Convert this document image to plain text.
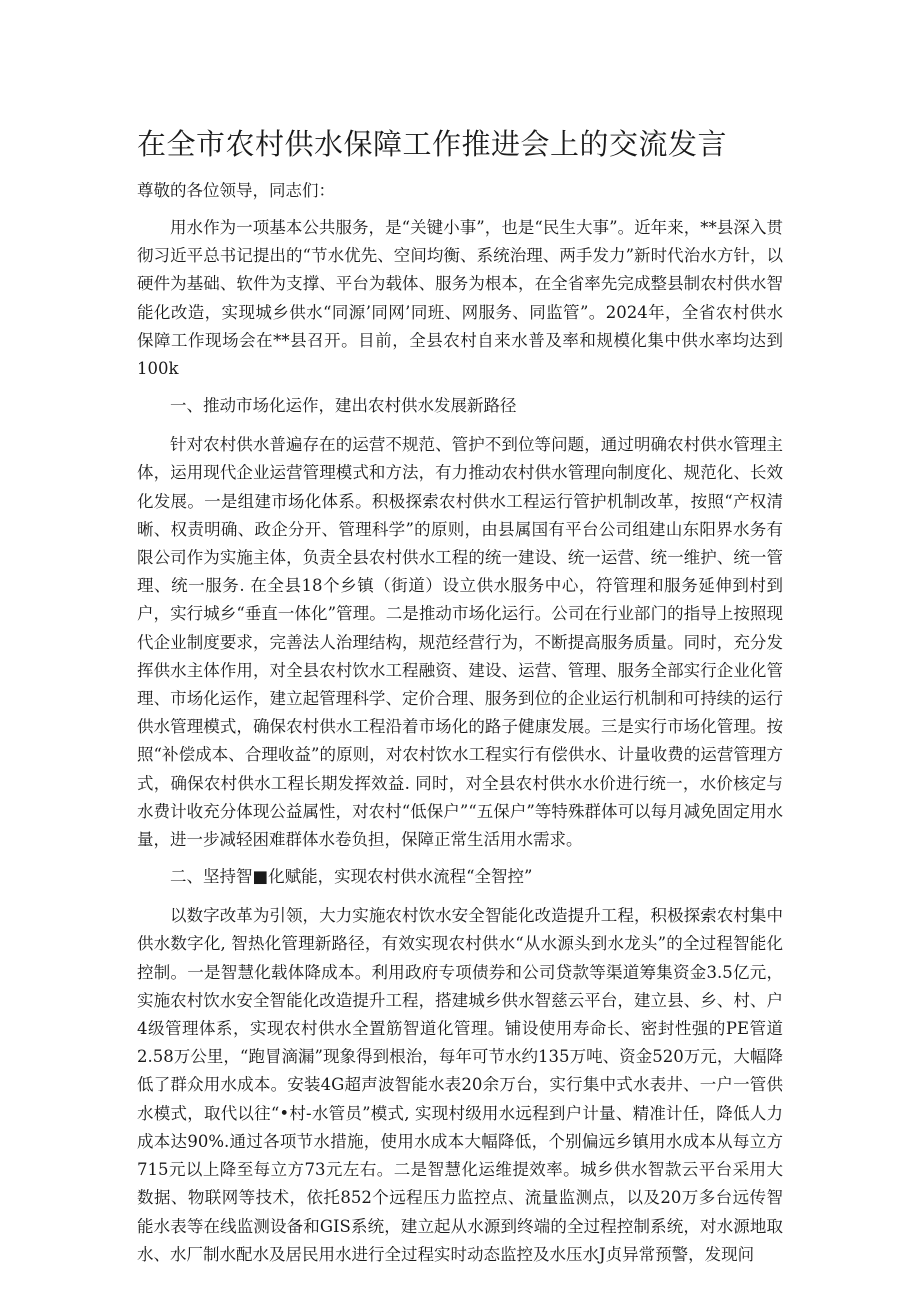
在全市农村供水保障工作推进会上的交流发言

尊敬的各位领导，同志们：

用水作为一项基本公共服务，是“关键小事”，也是“民生大事”。近年来，**县深入贯彻习近平总书记提出的“节水优先、空间均衡、系统治理、两手发力”新时代治水方针，以硬件为基础、软件为支撑、平台为载体、服务为根本，在全省率先完成整县制农村供水智能化改造，实现城乡供水“同源’同网’同班、网服务、同监管”。2024年，全省农村供水保障工作现场会在**县召开。目前，全县农村自来水普及率和规模化集中供水率均达到100k

一、推动市场化运作，建出农村供水发展新路径

针对农村供水普遍存在的运营不规范、管护不到位等问题，通过明确农村供水管理主体，运用现代企业运营管理模式和方法，有力推动农村供水管理向制度化、规范化、长效化发展。一是组建市场化体系。积极探索农村供水工程运行管护机制改革，按照“产权清晰、权责明确、政企分开、管理科学”的原则，由县属国有平台公司组建山东阳界水务有限公司作为实施主体，负责全县农村供水工程的统一建设、统一运营、统一维护、统一管理、统一服务. 在全县18个乡镇（街道）设立供水服务中心，符管理和服务延伸到村到户，实行城乡“垂直一体化”管理。二是推动市场化运行。公司在行业部门的指导上按照现代企业制度要求，完善法人治理结构，规范经营行为，不断提高服务质量。同时，充分发挥供水主体作用，对全县农村饮水工程融资、建设、运营、管理、服务全部实行企业化管理、市场化运作，建立起管理科学、定价合理、服务到位的企业运行机制和可持续的运行供水管理模式，确保农村供水工程沿着市场化的路子健康发展。三是实行市场化管理。按照“补偿成本、合理收益”的原则，对农村饮水工程实行有偿供水、计量收费的运营管理方式，确保农村供水工程长期发挥效益. 同时，对全县农村供水水价进行统一，水价核定与水费计收充分体现公益属性，对农村“低保户”“五保户”等特殊群体可以每月减免固定用水量，进一步减轻困难群体水卷负担，保障正常生活用水需求。

二、坚持智■化赋能，实现农村供水流程“全智控”

以数字改革为引领，大力实施农村饮水安全智能化改造提升工程，积极探索农村集中供水数字化, 智热化管理新路径，有效实现农村供水“从水源头到水龙头”的全过程智能化控制。一是智慧化载体降成本。利用政府专项债券和公司贷款等渠道筹集资金3.5亿元，实施农村饮水安全智能化改造提升工程，搭建城乡供水智慈云平台，建立县、乡、村、户4级管理体系，实现农村供水全置筋智道化管理。铺设使用寿命长、密封性强的PE管道2.58万公里，“跑冒滴漏”现象得到根治，每年可节水约135万吨、资金520万元，大幅降低了群众用水成本。安装4G超声波智能水表20余万台，实行集中式水表井、一户一管供水模式，取代以往“•村-水管员”模式, 实现村级用水远程到户计量、精准计任，降低人力成本达90%.通过各项节水措施，使用水成本大幅降低，个别偏远乡镇用水成本从每立方715元以上降至每立方73元左右。二是智慧化运维提效率。城乡供水智款云平台采用大数据、物联网等技术，依托852个远程压力监控点、流量监测点，以及20万多台远传智能水表等在线监测设备和GIS系统，建立起从水源到终端的全过程控制系统，对水源地取水、水厂制水配水及居民用水进行全过程实时动态监控及水压水J贞异常预警，发现问
